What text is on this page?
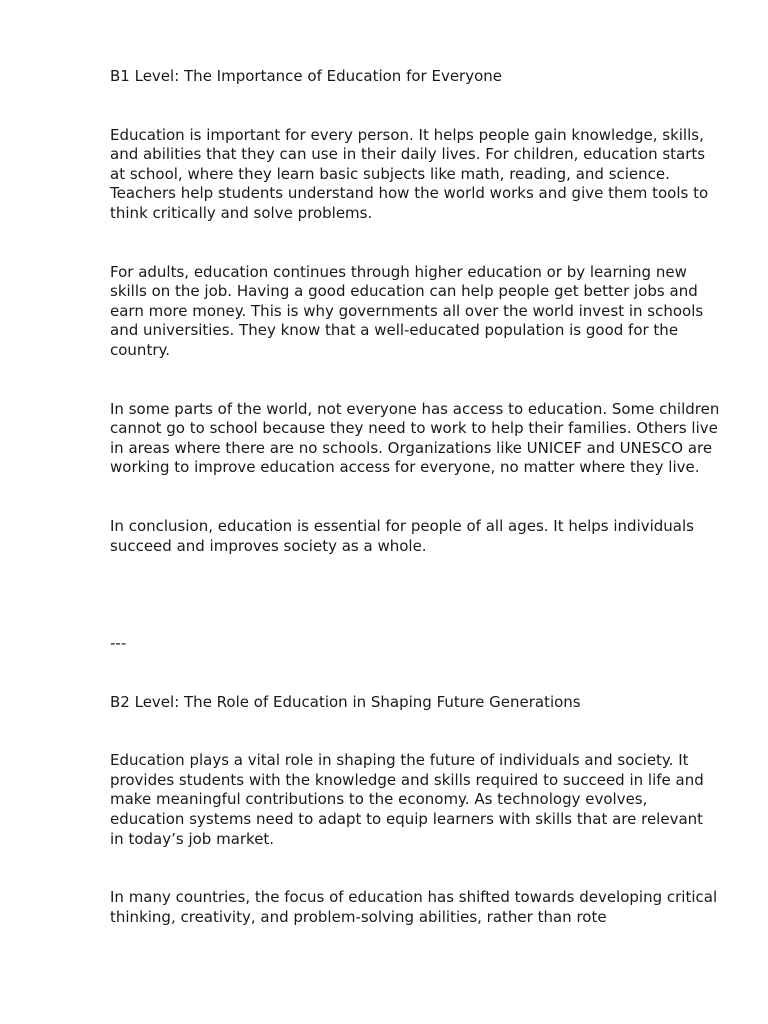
B1 Level: The Importance of Education for Everyone

Education is important for every person. It helps people gain knowledge, skills, and abilities that they can use in their daily lives. For children, education starts at school, where they learn basic subjects like math, reading, and science. Teachers help students understand how the world works and give them tools to think critically and solve problems.

For adults, education continues through higher education or by learning new skills on the job. Having a good education can help people get better jobs and earn more money. This is why governments all over the world invest in schools and universities. They know that a well-educated population is good for the country.

In some parts of the world, not everyone has access to education. Some children cannot go to school because they need to work to help their families. Others live in areas where there are no schools. Organizations like UNICEF and UNESCO are working to improve education access for everyone, no matter where they live.

In conclusion, education is essential for people of all ages. It helps individuals succeed and improves society as a whole.

---

B2 Level: The Role of Education in Shaping Future Generations

Education plays a vital role in shaping the future of individuals and society. It provides students with the knowledge and skills required to succeed in life and make meaningful contributions to the economy. As technology evolves, education systems need to adapt to equip learners with skills that are relevant in today’s job market.

In many countries, the focus of education has shifted towards developing critical thinking, creativity, and problem-solving abilities, rather than rote
